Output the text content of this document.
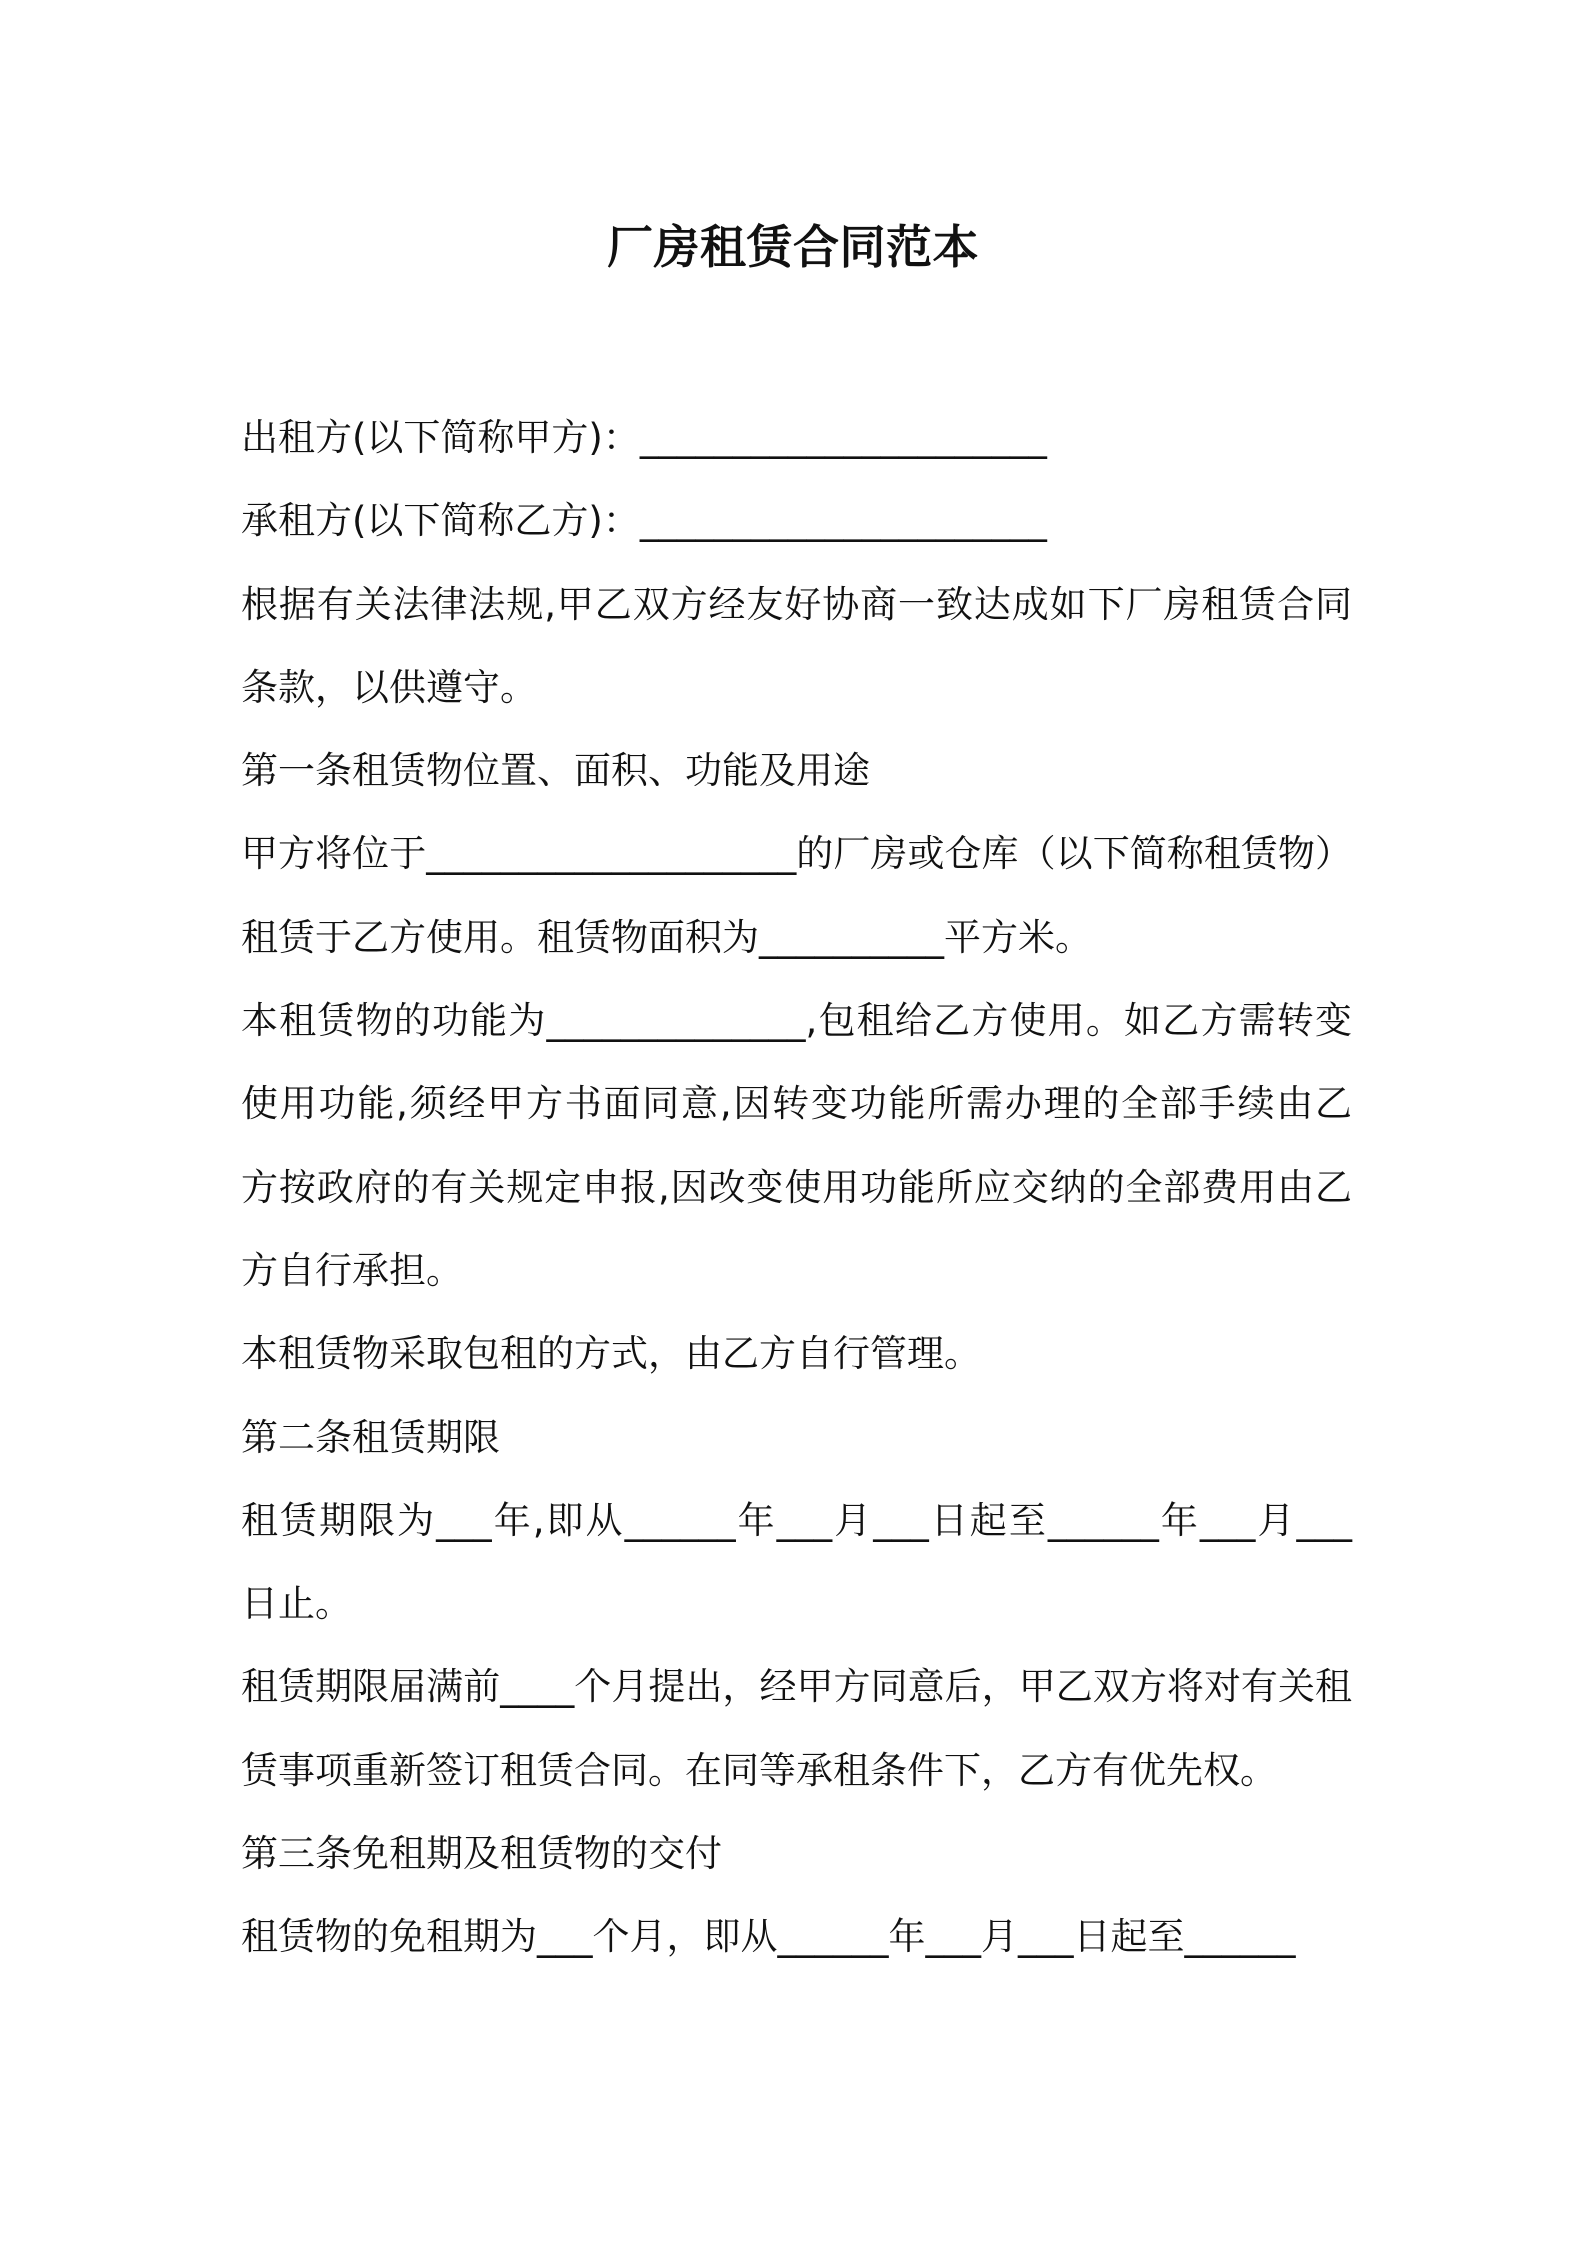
厂房租赁合同范本
出租方(以下简称甲方)：______________________
承租方(以下简称乙方)：______________________
根据有关法律法规,甲乙双方经友好协商一致达成如下厂房租赁合同
条款，以供遵守。
第一条租赁物位置、面积、功能及用途
甲方将位于____________________的厂房或仓库（以下简称租赁物）
租赁于乙方使用。租赁物面积为__________平方米。
本租赁物的功能为______________,包租给乙方使用。如乙方需转变
使用功能,须经甲方书面同意,因转变功能所需办理的全部手续由乙
方按政府的有关规定申报,因改变使用功能所应交纳的全部费用由乙
方自行承担。
本租赁物采取包租的方式，由乙方自行管理。
第二条租赁期限
租赁期限为___年,即从______年___月___日起至______年___月___
日止。
租赁期限届满前____个月提出，经甲方同意后，甲乙双方将对有关租
赁事项重新签订租赁合同。在同等承租条件下，乙方有优先权。
第三条免租期及租赁物的交付
租赁物的免租期为___个月，即从______年___月___日起至______
